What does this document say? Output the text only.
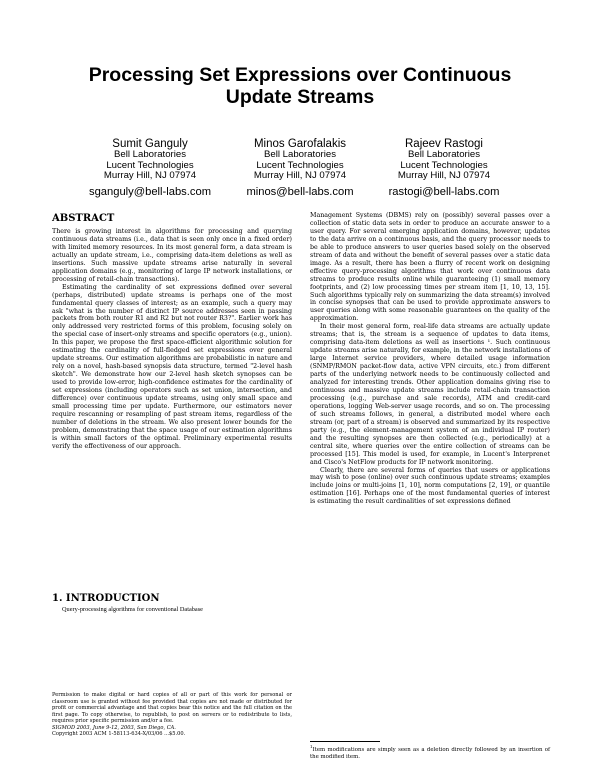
Processing Set Expressions over Continuous
Update Streams
Sumit Ganguly
Bell Laboratories
Lucent Technologies
Murray Hill, NJ 07974
sganguly@bell-labs.com
Minos Garofalakis
Bell Laboratories
Lucent Technologies
Murray Hill, NJ 07974
minos@bell-labs.com
Rajeev Rastogi
Bell Laboratories
Lucent Technologies
Murray Hill, NJ 07974
rastogi@bell-labs.com
ABSTRACT

There is growing interest in algorithms for processing and querying continuous data streams (i.e., data that is seen only once in a fixed order) with limited memory resources. In its most general form, a data stream is actually an update stream, i.e., comprising data-item deletions as well as insertions. Such massive update streams arise naturally in several application domains (e.g., monitoring of large IP network installations, or processing of retail-chain transactions).

Estimating the cardinality of set expressions defined over several (perhaps, distributed) update streams is perhaps one of the most fundamental query classes of interest; as an example, such a query may ask "what is the number of distinct IP source addresses seen in passing packets from both router R1 and R2 but not router R3?". Earlier work has only addressed very restricted forms of this problem, focusing solely on the special case of insert-only streams and specific operators (e.g., union). In this paper, we propose the first space-efficient algorithmic solution for estimating the cardinality of full-fledged set expressions over general update streams. Our estimation algorithms are probabilistic in nature and rely on a novel, hash-based synopsis data structure, termed "2-level hash sketch". We demonstrate how our 2-level hash sketch synopses can be used to provide low-error, high-confidence estimates for the cardinality of set expressions (including operators such as set union, intersection, and difference) over continuous update streams, using only small space and small processing time per update. Furthermore, our estimators never require rescanning or resampling of past stream items, regardless of the number of deletions in the stream. We also present lower bounds for the problem, demonstrating that the space usage of our estimation algorithms is within small factors of the optimal. Preliminary experimental results verify the effectiveness of our approach.

1. INTRODUCTION

Query-processing algorithms for conventional Database

Permission to make digital or hard copies of all or part of this work for personal or classroom use is granted without fee provided that copies are not made or distributed for profit or commercial advantage and that copies bear this notice and the full citation on the first page. To copy otherwise, to republish, to post on servers or to redistribute to lists, requires prior specific permission and/or a fee.
SIGMOD 2003, June 9-12, 2003, San Diego, CA.
Copyright 2003 ACM 1-58113-634-X/03/06 ...$5.00.

Management Systems (DBMS) rely on (possibly) several passes over a collection of static data sets in order to produce an accurate answer to a user query. For several emerging application domains, however, updates to the data arrive on a continuous basis, and the query processor needs to be able to produce answers to user queries based solely on the observed stream of data and without the benefit of several passes over a static data image. As a result, there has been a flurry of recent work on designing effective query-processing algorithms that work over continuous data streams to produce results online while guaranteeing (1) small memory footprints, and (2) low processing times per stream item [1, 10, 13, 15]. Such algorithms typically rely on summarizing the data stream(s) involved in concise synopses that can be used to provide approximate answers to user queries along with some reasonable guarantees on the quality of the approximation.

In their most general form, real-life data streams are actually update streams; that is, the stream is a sequence of updates to data items, comprising data-item deletions as well as insertions ¹. Such continuous update streams arise naturally, for example, in the network installations of large Internet service providers, where detailed usage information (SNMP/RMON packet-flow data, active VPN circuits, etc.) from different parts of the underlying network needs to be continuously collected and analyzed for interesting trends. Other application domains giving rise to continuous and massive update streams include retail-chain transaction processing (e.g., purchase and sale records), ATM and credit-card operations, logging Web-server usage records, and so on. The processing of such streams follows, in general, a distributed model where each stream (or, part of a stream) is observed and summarized by its respective party (e.g., the element-management system of an individual IP router) and the resulting synopses are then collected (e.g., periodically) at a central site, where queries over the entire collection of streams can be processed [15]. This model is used, for example, in Lucent's Interprenet and Cisco's NetFlow products for IP network monitoring.

Clearly, there are several forms of queries that users or applications may wish to pose (online) over such continuous update streams; examples include joins or multi-joins [1, 10], norm computations [2, 19], or quantile estimation [16]. Perhaps one of the most fundamental queries of interest is estimating the result cardinalities of set expressions defined

$^1$Item modifications are simply seen as a deletion directly followed by an insertion of the modified item.
